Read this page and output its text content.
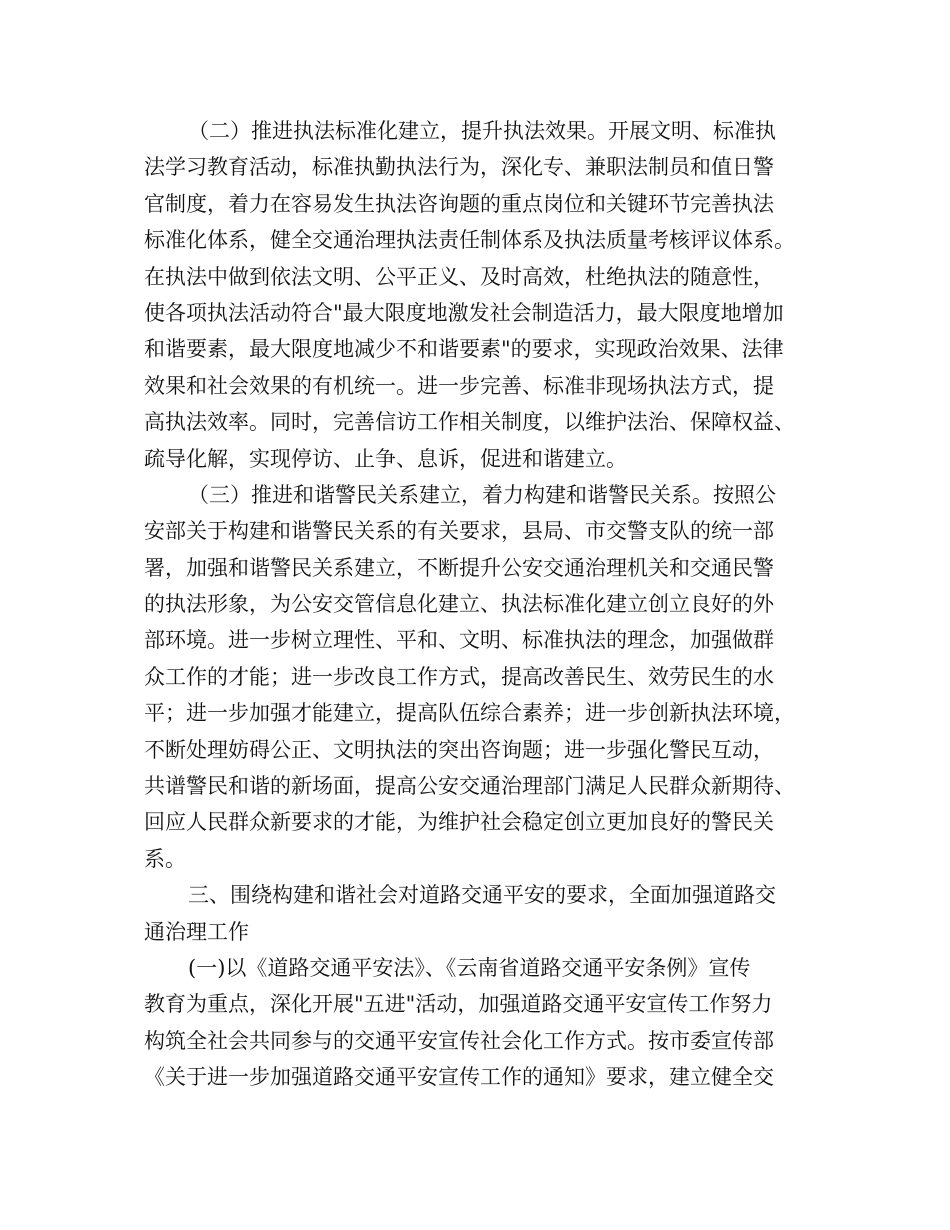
（二）推进执法标准化建立，提升执法效果。开展文明、标准执
法学习教育活动，标准执勤执法行为，深化专、兼职法制员和值日警
官制度，着力在容易发生执法咨询题的重点岗位和关键环节完善执法
标准化体系，健全交通治理执法责任制体系及执法质量考核评议体系。
在执法中做到依法文明、公平正义、及时高效，杜绝执法的随意性，
使各项执法活动符合"最大限度地激发社会制造活力，最大限度地增加
和谐要素，最大限度地减少不和谐要素"的要求，实现政治效果、法律
效果和社会效果的有机统一。进一步完善、标准非现场执法方式，提
高执法效率。同时，完善信访工作相关制度，以维护法治、保障权益、
疏导化解，实现停访、止争、息诉，促进和谐建立。
（三）推进和谐警民关系建立，着力构建和谐警民关系。按照公
安部关于构建和谐警民关系的有关要求，县局、市交警支队的统一部
署，加强和谐警民关系建立，不断提升公安交通治理机关和交通民警
的执法形象，为公安交管信息化建立、执法标准化建立创立良好的外
部环境。进一步树立理性、平和、文明、标准执法的理念，加强做群
众工作的才能；进一步改良工作方式，提高改善民生、效劳民生的水
平；进一步加强才能建立，提高队伍综合素养；进一步创新执法环境，
不断处理妨碍公正、文明执法的突出咨询题；进一步强化警民互动，
共谱警民和谐的新场面，提高公安交通治理部门满足人民群众新期待、
回应人民群众新要求的才能，为维护社会稳定创立更加良好的警民关
系。
三、围绕构建和谐社会对道路交通平安的要求，全面加强道路交
通治理工作
(一)以《道路交通平安法》、《云南省道路交通平安条例》宣传
教育为重点，深化开展"五进"活动，加强道路交通平安宣传工作努力
构筑全社会共同参与的交通平安宣传社会化工作方式。按市委宣传部
《关于进一步加强道路交通平安宣传工作的通知》要求，建立健全交
